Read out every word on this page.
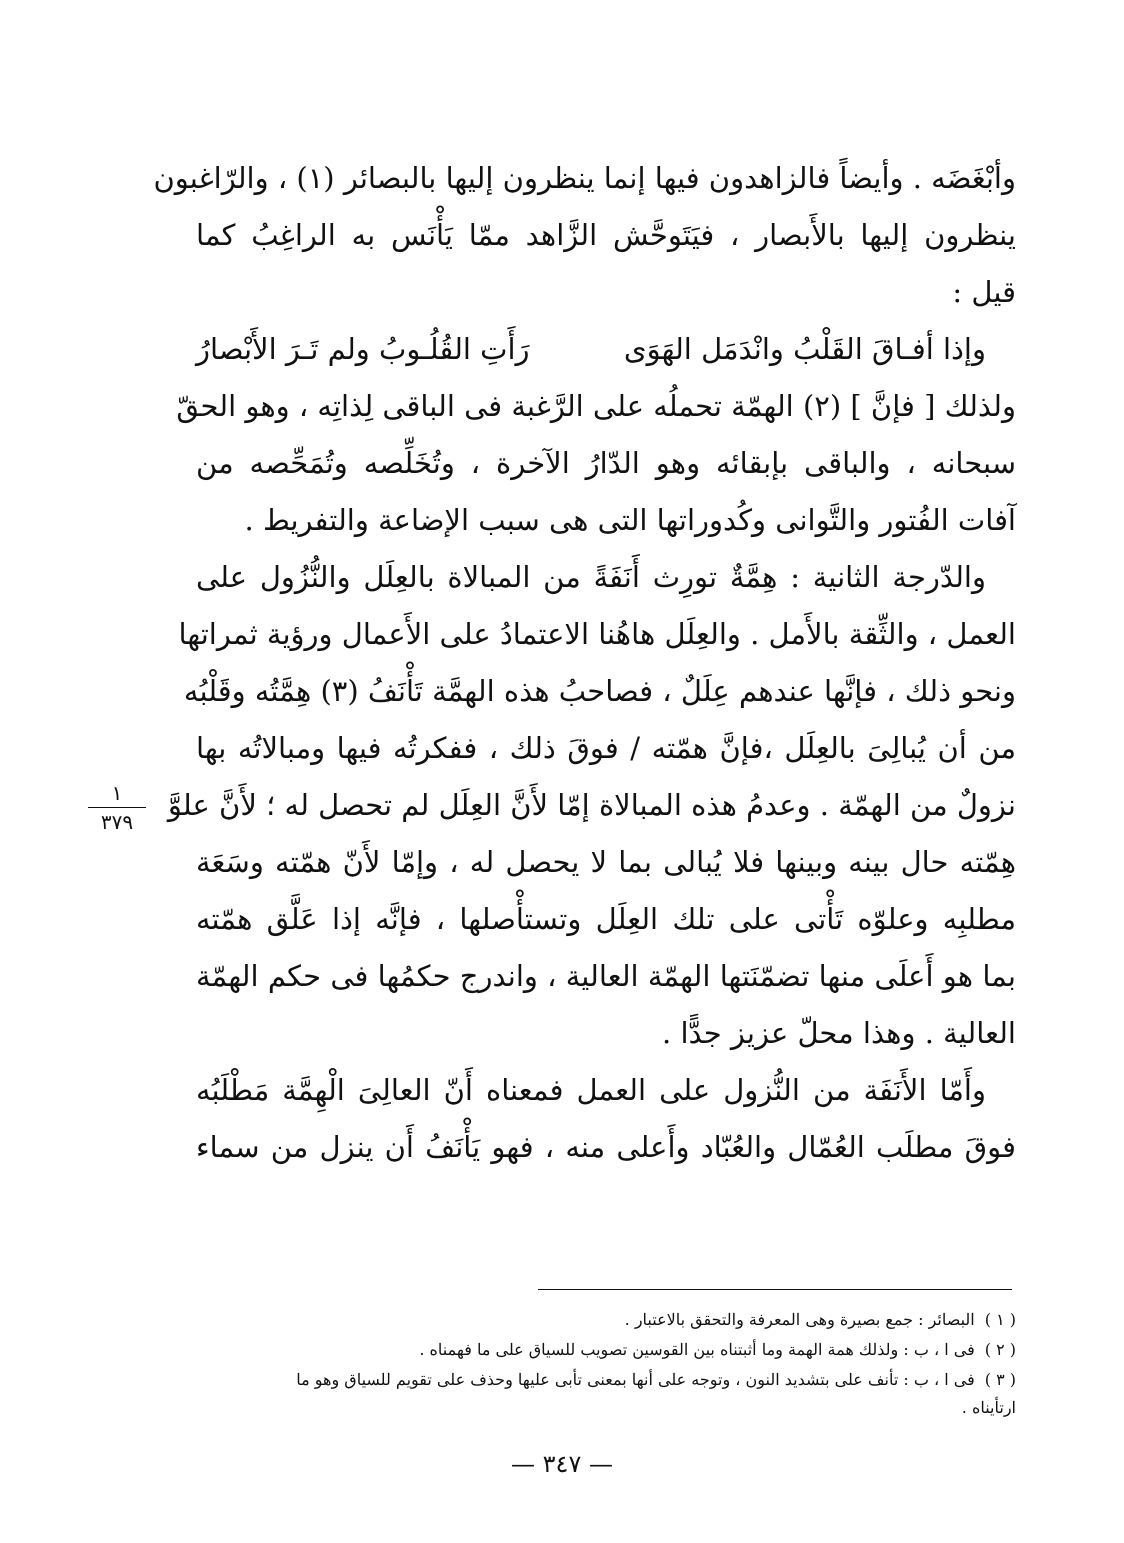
وأبْغَضَه . وأيضاً فالزاهدون فيها إنما ينظرون إليها بالبصائر (١) ، والرّاغبون
ينظرون إليها بالأَبصار ، فيَتَوحَّش الزَّاهد ممّا يَأْنَس به الراغِبُ كما
قيل :
وإذا أفـاقَ القَلْبُ وانْدَمَل الهَوَى
رَأَتِ القُلُـوبُ ولم تَـرَ الأَبْصارُ
ولذلك [ فإنَّ ] (٢) الهمّة تحملُه على الرَّغبة فى الباقى لِذاتِه ، وهو الحقّ
سبحانه ، والباقى بإبقائه وهو الدّارُ الآخرة ، وتُخَلِّصه وتُمَحِّصه من
آفات الفُتور والتَّوانى وكُدوراتها التى هى سبب الإضاعة والتفريط .
والدّرجة الثانية : هِمَّةٌ تورِث أَنَفَةً من المبالاة بالعِلَل والنُّزُول على
العمل ، والثِّقة بالأَمل . والعِلَل هاهُنا الاعتمادُ على الأَعمال ورؤية ثمراتها
ونحو ذلك ، فإنَّها عندهم عِلَلٌ ، فصاحبُ هذه الهمَّة تَأْنَفُ (٣) هِمَّتُه وقَلْبُه
من أن يُبالِىَ بالعِلَل ،فإنَّ همّته / فوقَ ذلك ، ففكرتُه فيها ومبالاتُه بها
نزولٌ من الهمّة . وعدمُ هذه المبالاة إمّا لأَنَّ العِلَل لم تحصل له ؛ لأَنَّ علوَّ
هِمّته حال بينه وبينها فلا يُبالى بما لا يحصل له ، وإمّا لأَنّ همّته وسَعَة
مطلبِه وعلوّه تَأْتى على تلك العِلَل وتستأْصلها ، فإنَّه إذا عَلَّق همّته
بما هو أَعلَى منها تضمّنَتها الهمّة العالية ، واندرج حكمُها فى حكم الهمّة
العالية . وهذا محلّ عزيز جدًّا .
وأَمّا الأَنَفَة من النُّزول على العمل فمعناه أَنّ العالِىَ الْهِمَّة مَطْلَبُه
فوقَ مطلَب العُمّال والعُبّاد وأَعلى منه ، فهو يَأْنَفُ أَن ينزل من سماء
١
٣٧٩
( ١ )البصائر : جمع بصيرة وهى المعرفة والتحقق بالاعتبار .
( ٢ )فى ا ، ب : ولذلك همة الهمة وما أثبتناه بين القوسين تصويب للسياق على ما فهمناه .
( ٣ )فى ا ، ب : تأنف على بتشديد النون ، وتوجه على أنها بمعنى تأبى عليها وحذف على تقويم للسياق وهو ما
ارتأيناه .
— ٣٤٧ —
